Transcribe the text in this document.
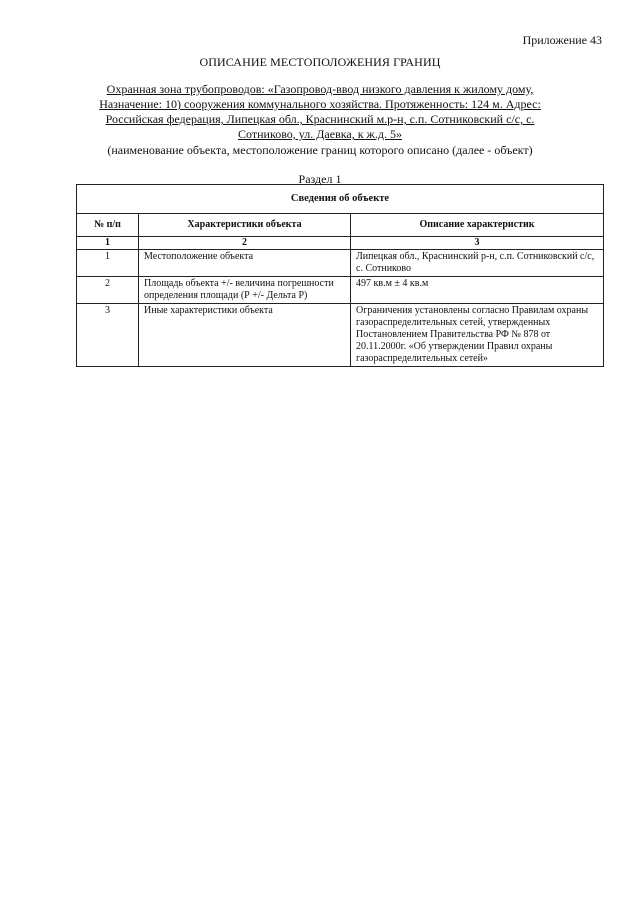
Приложение 43
ОПИСАНИЕ МЕСТОПОЛОЖЕНИЯ ГРАНИЦ
Охранная зона трубопроводов: «Газопровод-ввод низкого давления к жилому дому, Назначение: 10) сооружения коммунального хозяйства. Протяженность: 124 м. Адрес: Российская федерация, Липецкая обл., Краснинский м.р-н, с.п. Сотниковский с/с, с. Сотниково, ул. Даевка, к ж.д. 5»
(наименование объекта, местоположение границ которого описано (далее - объект)
Раздел 1
Сведения об объекте		
№ п/п	Характеристики объекта	Описание характеристик
1	2	3
1	Местоположение объекта	Липецкая обл., Краснинский р-н, с.п. Сотниковский с/с, с. Сотниково
2	Площадь объекта +/- величина погрешности определения площади (Р +/- Дельта Р)	497 кв.м ± 4 кв.м
3	Иные характеристики объекта	Ограничения установлены согласно Правилам охраны газораспределительных сетей, утвержденных Постановлением Правительства РФ № 878 от 20.11.2000г. «Об утверждении Правил охраны газораспределительных сетей»
